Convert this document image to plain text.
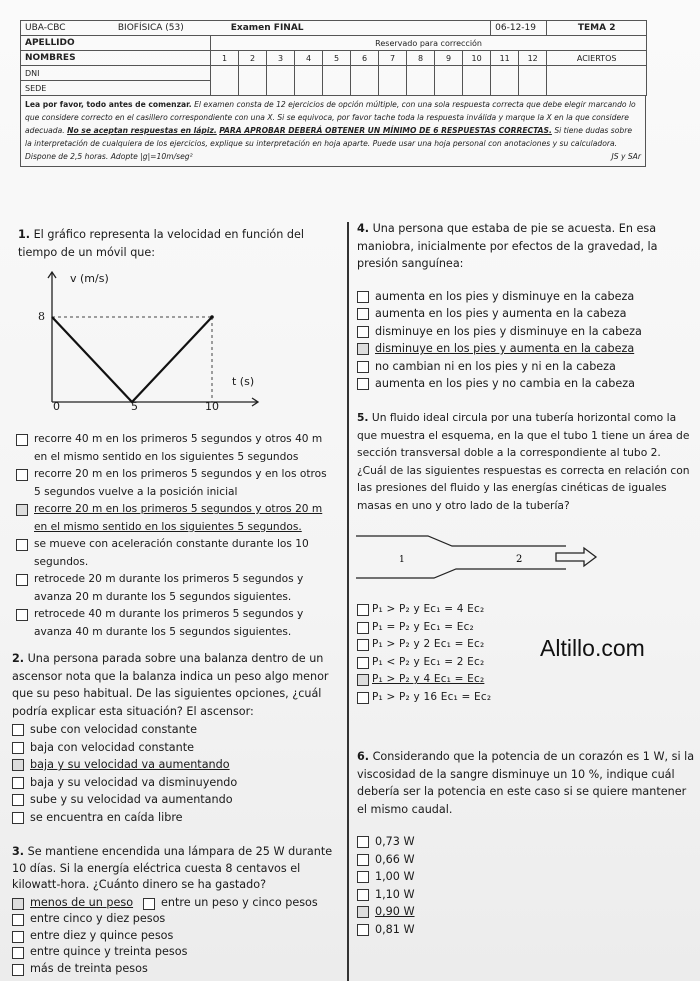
UBA-CBC BIOFÍSICA (53) Examen FINAL											06-12-19		TEMA 2
APELLIDO	Reservado para corrección												
NOMBRES	1	2	3	4	5	6	7	8	9	10	11	12	ACIERTOS
DNI													
SEDE													
Lea por favor, todo antes de comenzar. El examen consta de 12 ejercicios de opción múltiple, con una sola respuesta correcta que debe elegir marcando lo que considere correcto en el casillero correspondiente con una X. Si se equivoca, por favor tache toda la respuesta inválida y marque la X en la que considere adecuada. No se aceptan respuestas en lápiz. PARA APROBAR DEBERÁ OBTENER UN MÍNIMO DE 6 RESPUESTAS CORRECTAS. Si tiene dudas sobre la interpretación de cualquiera de los ejercicios, explique su interpretación en hoja aparte. Puede usar una hoja personal con anotaciones y su calculadora.
Dispone de 2,5 horas. Adopte |g|=10m/seg²	JS y SAr
1. El gráfico representa la velocidad en función del tiempo de un móvil que:
v (m/s)
8
t (s)
0	5	10
recorre 40 m en los primeros 5 segundos y otros 40 m en el mismo sentido en los siguientes 5 segundos
recorre 20 m en los primeros 5 segundos y en los otros 5 segundos vuelve a la posición inicial
recorre 20 m en los primeros 5 segundos y otros 20 m en el mismo sentido en los siguientes 5 segundos.
se mueve con aceleración constante durante los 10 segundos.
retrocede 20 m durante los primeros 5 segundos y avanza 20 m durante los 5 segundos siguientes.
retrocede 40 m durante los primeros 5 segundos y avanza 40 m durante los 5 segundos siguientes.
2. Una persona parada sobre una balanza dentro de un ascensor nota que la balanza indica un peso algo menor que su peso habitual. De las siguientes opciones, ¿cuál podría explicar esta situación? El ascensor:
sube con velocidad constante
baja con velocidad constante
baja y su velocidad va aumentando
baja y su velocidad va disminuyendo
sube y su velocidad va aumentando
se encuentra en caída libre
3. Se mantiene encendida una lámpara de 25 W durante 10 días. Si la energía eléctrica cuesta 8 centavos el kilowatt-hora. ¿Cuánto dinero se ha gastado?
menos de un peso	entre un peso y cinco pesos
entre cinco y diez pesos
entre diez y quince pesos
entre quince y treinta pesos
más de treinta pesos
4. Una persona que estaba de pie se acuesta. En esa maniobra, inicialmente por efectos de la gravedad, la presión sanguínea:
aumenta en los pies y disminuye en la cabeza
aumenta en los pies y aumenta en la cabeza
disminuye en los pies y disminuye en la cabeza
disminuye en los pies y aumenta en la cabeza
no cambian ni en los pies y ni en la cabeza
aumenta en los pies y no cambia en la cabeza
5. Un fluido ideal circula por una tubería horizontal como la que muestra el esquema, en la que el tubo 1 tiene un área de sección transversal doble a la correspondiente al tubo 2. ¿Cuál de las siguientes respuestas es correcta en relación con las presiones del fluido y las energías cinéticas de iguales masas en uno y otro lado de la tubería?
1	2
P₁ > P₂ y Ec₁ = 4 Ec₂
P₁ = P₂ y Ec₁ = Ec₂
P₁ > P₂ y 2 Ec₁ = Ec₂
P₁ < P₂ y Ec₁ = 2 Ec₂
P₁ > P₂ y 4 Ec₁ = Ec₂
P₁ > P₂ y 16 Ec₁ = Ec₂
Altillo.com
6. Considerando que la potencia de un corazón es 1 W, si la viscosidad de la sangre disminuye un 10 %, indique cuál debería ser la potencia en este caso si se quiere mantener el mismo caudal.
0,73 W
0,66 W
1,00 W
1,10 W
0,90 W
0,81 W
